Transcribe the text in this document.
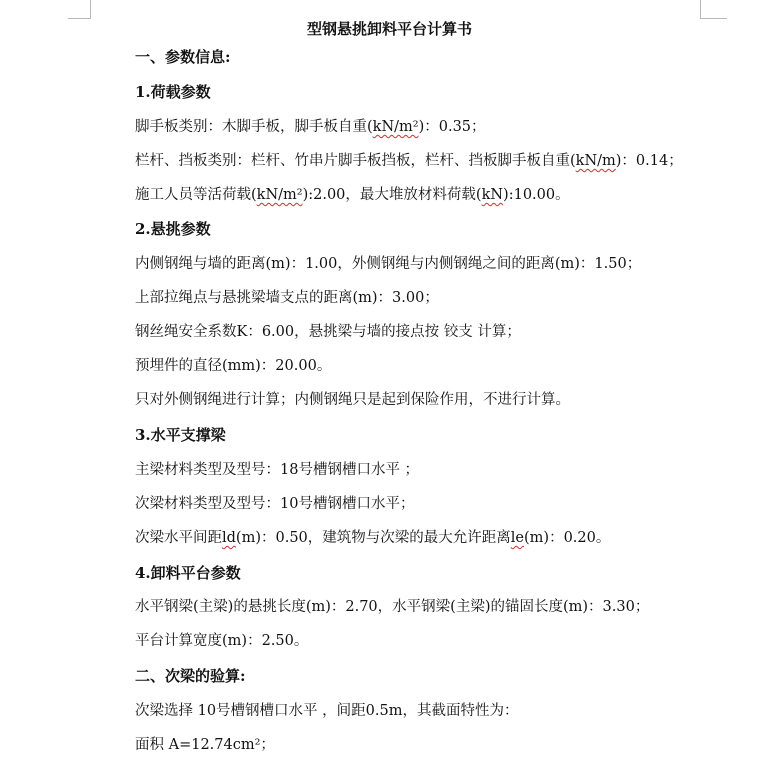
型钢悬挑卸料平台计算书
一、参数信息:
1.荷载参数
脚手板类别：木脚手板，脚手板自重(kN/m²)：0.35；
栏杆、挡板类别：栏杆、竹串片脚手板挡板，栏杆、挡板脚手板自重(kN/m)：0.14；
施工人员等活荷载(kN/m²):2.00，最大堆放材料荷载(kN):10.00。
2.悬挑参数
内侧钢绳与墙的距离(m)：1.00，外侧钢绳与内侧钢绳之间的距离(m)：1.50；
上部拉绳点与悬挑梁墙支点的距离(m)：3.00；
钢丝绳安全系数K：6.00，悬挑梁与墙的接点按 铰支 计算；
预埋件的直径(mm)：20.00。
只对外侧钢绳进行计算；内侧钢绳只是起到保险作用，不进行计算。
3.水平支撑梁
主梁材料类型及型号：18号槽钢槽口水平 ；
次梁材料类型及型号：10号槽钢槽口水平；
次梁水平间距ld(m)：0.50，建筑物与次梁的最大允许距离le(m)：0.20。
4.卸料平台参数
水平钢梁(主梁)的悬挑长度(m)：2.70，水平钢梁(主梁)的锚固长度(m)：3.30；
平台计算宽度(m)：2.50。
二、次梁的验算:
次梁选择 10号槽钢槽口水平 ，间距0.5m，其截面特性为：
面积 A=12.74cm²；
